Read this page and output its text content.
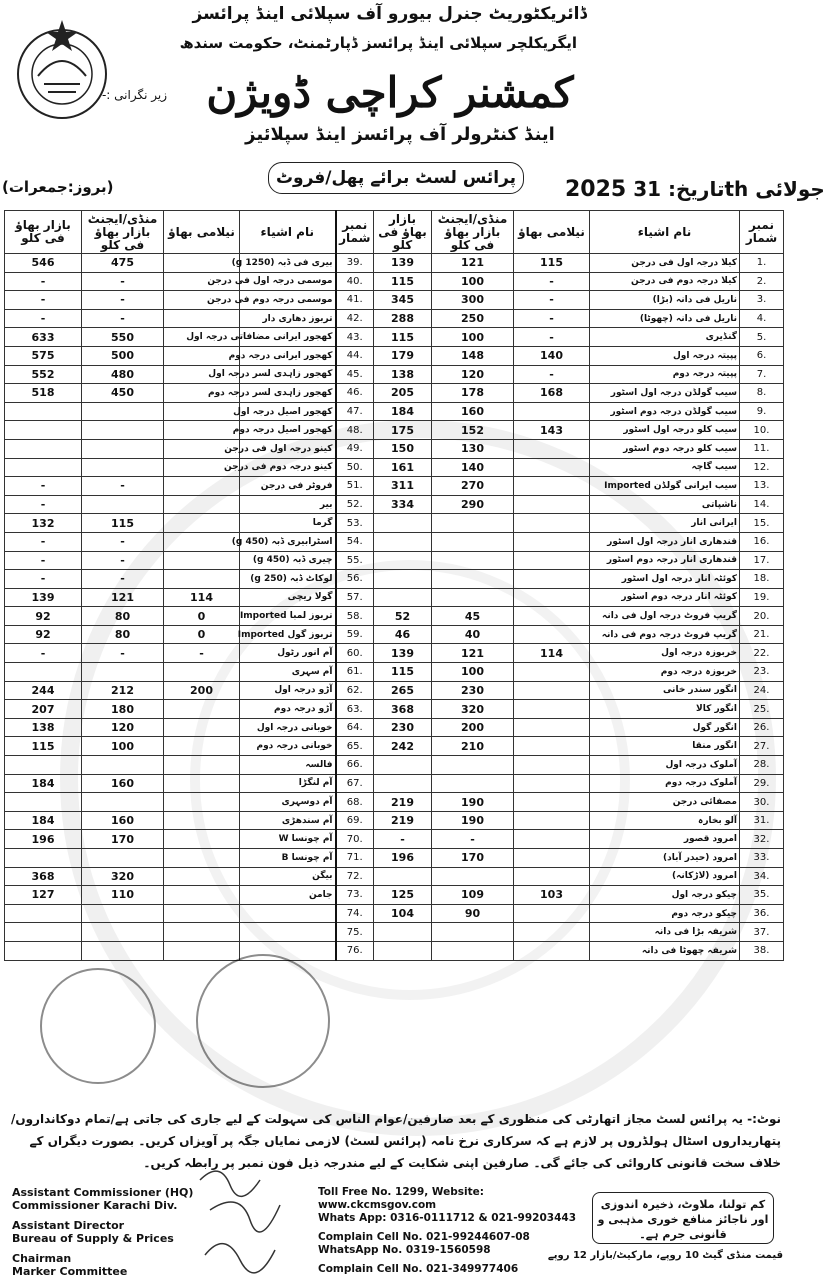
ڈائریکٹوریٹ جنرل بیورو آف سپلائی اینڈ پرائسز
ایگریکلچر سپلائی اینڈ پرائسز ڈپارٹمنٹ، حکومت سندھ
زیر نگرانی :- کمشنر کراچی ڈویژن
اینڈ کنٹرولر آف پرائسز اینڈ سپلائیز
پرائس لسٹ برائے پھل/فروٹ
(بروز:جمعرات)	2025 تاریخ: 31th جولائی
بازار بھاؤ فی کلو	منڈی/ایجنٹ بازار بھاؤ فی کلو	نیلامی بھاؤ	نام اشیاء	نمبر شمار	بازار بھاؤ فی کلو	منڈی/ایجنٹ بازار بھاؤ فی کلو	نیلامی بھاؤ	نام اشیاء	نمبر شمار
546	475		بیری فی ڈبہ (1250 g)	39.	139	121	115	کیلا درجہ اول فی درجن	1.
-	-		موسمی درجہ اول فی درجن	40.	115	100	-	کیلا درجہ دوم فی درجن	2.
-	-		موسمی درجہ دوم فی درجن	41.	345	300	-	ناریل فی دانہ (بڑا)	3.
-	-		تربوز دھاری دار	42.	288	250	-	ناریل فی دانہ (چھوٹا)	4.
633	550		کھجور ایرانی مضافاتی درجہ اول	43.	115	100	-	گنڈیری	5.
575	500		کھجور ایرانی درجہ دوم	44.	179	148	140	پپیتہ درجہ اول	6.
552	480		کھجور زاہدی لسر درجہ اول	45.	138	120	-	پپیتہ درجہ دوم	7.
518	450		کھجور زاہدی لسر درجہ دوم	46.	205	178	168	سیب گولڈن درجہ اول اسٹور	8.
			کھجور اصیل درجہ اول	47.	184	160		سیب گولڈن درجہ دوم اسٹور	9.
			کھجور اصیل درجہ دوم	48.	175	152	143	سیب کلو درجہ اول اسٹور	10.
			کینو درجہ اول فی درجن	49.	150	130		سیب کلو درجہ دوم اسٹور	11.
			کینو درجہ دوم فی درجن	50.	161	140		سیب گاچہ	12.
-	-		فروٹر فی درجن	51.	311	270		سیب ایرانی گولڈن Imported	13.
-			بیر	52.	334	290		ناشپاتی	14.
132	115		گرما	53.				ایرانی انار	15.
-	-		اسٹرابیری ڈبہ (450 g)	54.				قندھاری انار درجہ اول اسٹور	16.
-	-		چیری ڈبہ (450 g)	55.				قندھاری انار درجہ دوم اسٹور	17.
-	-		لوکاٹ ڈبہ (250 g)	56.				کوئٹہ انار درجہ اول اسٹور	18.
139	121	114	گولا ریچی	57.				کوئٹہ انار درجہ دوم اسٹور	19.
92	80	0	تربوز لمبا Imported	58.	52	45		گریپ فروٹ درجہ اول فی دانہ	20.
92	80	0	تربوز گول Imported	59.	46	40		گریپ فروٹ درجہ دوم فی دانہ	21.
-	-	-	آم انور رٹول	60.	139	121	114	خربوزہ درجہ اول	22.
			آم سہری	61.	115	100		خربوزہ درجہ دوم	23.
244	212	200	آڑو درجہ اول	62.	265	230		انگور سندر خانی	24.
207	180		آڑو درجہ دوم	63.	368	320		انگور کالا	25.
138	120		خوبانی درجہ اول	64.	230	200		انگور گول	26.
115	100		خوبانی درجہ دوم	65.	242	210		انگور منقا	27.
			فالسہ	66.				آملوک درجہ اول	28.
184	160		آم لنگڑا	67.				آملوک درجہ دوم	29.
			آم دوسہری	68.	219	190		مصفائی درجن	30.
184	160		آم سندھڑی	69.	219	190		آلو بخارہ	31.
196	170		آم چونسا W	70.	-	-		امرود قصور	32.
			آم چونسا B	71.	196	170		امرود (حیدر آباد)	33.
368	320		بیگن	72.				امرود (لاڑکانہ)	34.
127	110		جامن	73.	125	109	103	چیکو درجہ اول	35.
				74.	104	90		چیکو درجہ دوم	36.
				75.				شریفہ بڑا فی دانہ	37.
				76.				شریفہ چھوٹا فی دانہ	38.
نوٹ:- یہ پرائس لسٹ مجاز اتھارٹی کی منظوری کے بعد صارفین/عوام الناس کی سہولت کے لیے جاری کی جاتی ہے/تمام دوکانداروں/پتھاریداروں اسٹال ہولڈروں پر لازم ہے کہ سرکاری نرخ نامہ (پرائس لسٹ) لازمی نمایاں جگہ پر آویزاں کریں۔ بصورت دیگراں کے خلاف سخت قانونی کاروائی کی جائے گی۔ صارفین اپنی شکایت کے لیے مندرجہ ذیل فون نمبر پر رابطہ کریں۔
Assistant Commissioner (HQ)
Commissioner Karachi Div.
Assistant Director
Bureau of Supply & Prices
Chairman
Marker Committee
Toll Free No. 1299, Website: www.ckcmsgov.com
Whats App: 0316-0111712 & 021-99203443
Complain Cell No. 021-99244607-08
WhatsApp No. 0319-1560598
Complain Cell No. 021-349977406
کم تولنا، ملاوٹ، ذخیرہ اندوزی اور ناجائز منافع خوری مذہبی و قانونی جرم ہے۔
قیمت منڈی گیٹ 10 روپے، مارکیٹ/بازار 12 روپے
